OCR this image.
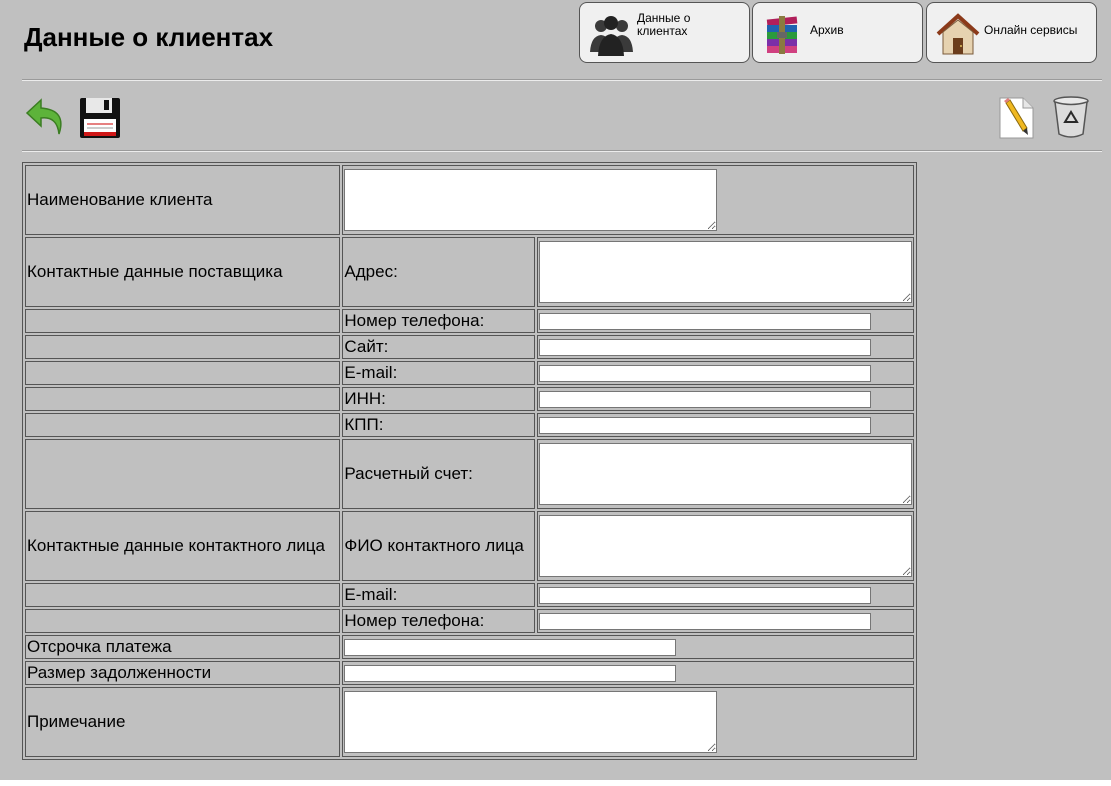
Данные о клиентах
Данные о клиентах	Архив	Онлайн сервисы
Наименование клиента	

Контактные данные поставщика	Адрес:	

	Номер телефона:	

	Сайт:	

	E-mail:	

	ИНН:	

	КПП:	

	Расчетный счет:	

Контактные данные контактного лица	ФИО контактного лица	

	E-mail:	

	Номер телефона:	

Отсрочка платежа	

Размер задолженности	

Примечание	
